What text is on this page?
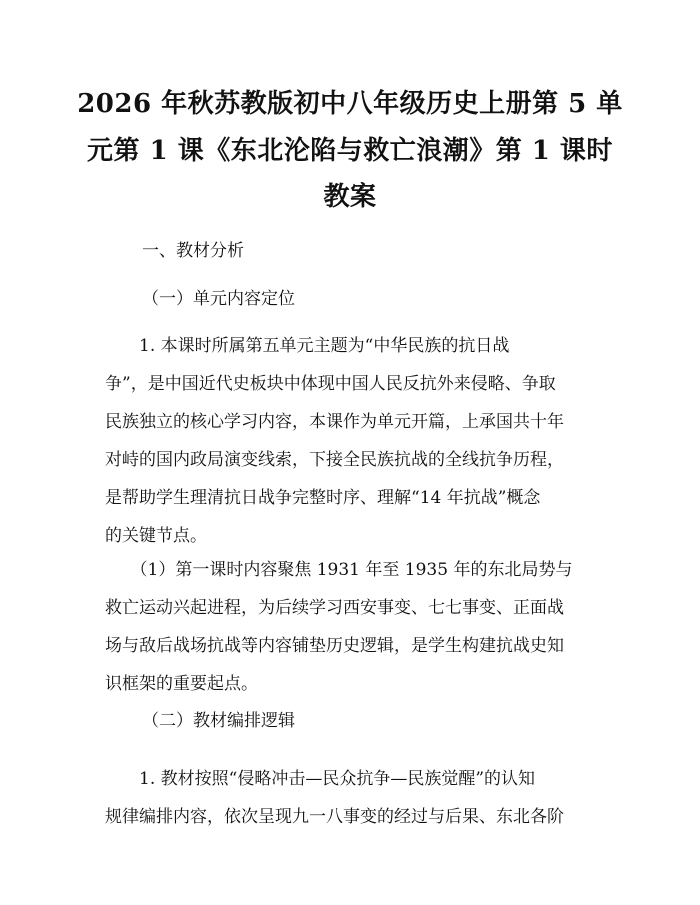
2026 年秋苏教版初中八年级历史上册第 5 单
元第 1 课《东北沦陷与救亡浪潮》第 1 课时
教案
一、教材分析
（一）单元内容定位
　　1. 本课时所属第五单元主题为“中华民族的抗日战
争”，是中国近代史板块中体现中国人民反抗外来侵略、争取
民族独立的核心学习内容，本课作为单元开篇，上承国共十年
对峙的国内政局演变线索，下接全民族抗战的全线抗争历程，
是帮助学生理清抗日战争完整时序、理解“14 年抗战”概念
的关键节点。
　　（1）第一课时内容聚焦 1931 年至 1935 年的东北局势与
救亡运动兴起进程，为后续学习西安事变、七七事变、正面战
场与敌后战场抗战等内容铺垫历史逻辑，是学生构建抗战史知
识框架的重要起点。
（二）教材编排逻辑
　　1. 教材按照“侵略冲击—民众抗争—民族觉醒”的认知
规律编排内容，依次呈现九一八事变的经过与后果、东北各阶
